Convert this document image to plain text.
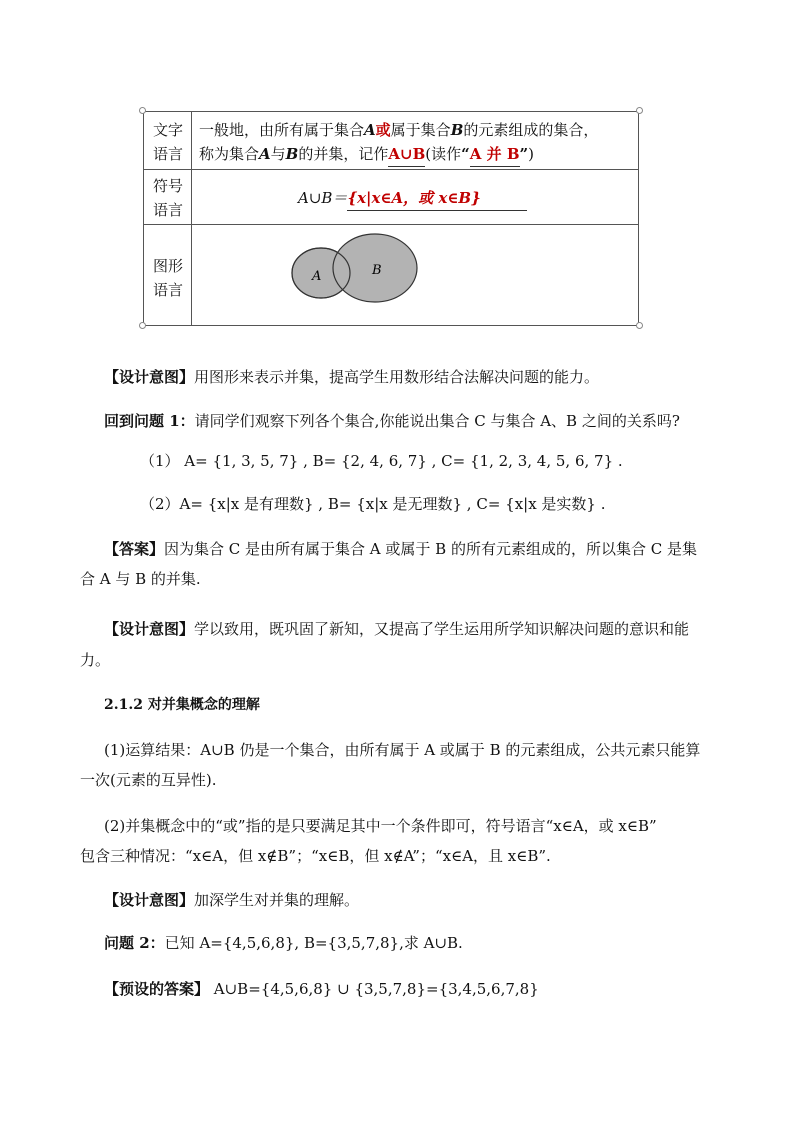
文字
语言
一般地，由所有属于集合A或属于集合B的元素组成的集合，
称为集合A与B的并集，记作A∪B(读作“A 并 B”)
符号
语言
A∪B＝{x|x∈A，或 x∈B}
图形
语言
A	B
【设计意图】用图形来表示并集，提高学生用数形结合法解决问题的能力。
回到问题 1：请同学们观察下列各个集合,你能说出集合 C 与集合 A、B 之间的关系吗?
（1） A= {1, 3, 5, 7} , B= {2, 4, 6, 7} , C= {1, 2, 3, 4, 5, 6, 7} .
（2）A= {x|x 是有理数} , B= {x|x 是无理数} , C= {x|x 是实数} .
【答案】因为集合 C 是由所有属于集合 A 或属于 B 的所有元素组成的，所以集合 C 是集
合 A 与 B 的并集.
【设计意图】学以致用，既巩固了新知，又提高了学生运用所学知识解决问题的意识和能
力。
2.1.2 对并集概念的理解
(1)运算结果：A∪B 仍是一个集合，由所有属于 A 或属于 B 的元素组成，公共元素只能算
一次(元素的互异性).
(2)并集概念中的“或”指的是只要满足其中一个条件即可，符号语言“x∈A，或 x∈B”
包含三种情况：“x∈A，但 x∉B”；“x∈B，但 x∉A”；“x∈A，且 x∈B”.
【设计意图】加深学生对并集的理解。
问题 2：已知 A={4,5,6,8}, B={3,5,7,8},求 A∪B.
【预设的答案】 A∪B={4,5,6,8} ∪ {3,5,7,8}={3,4,5,6,7,8}
